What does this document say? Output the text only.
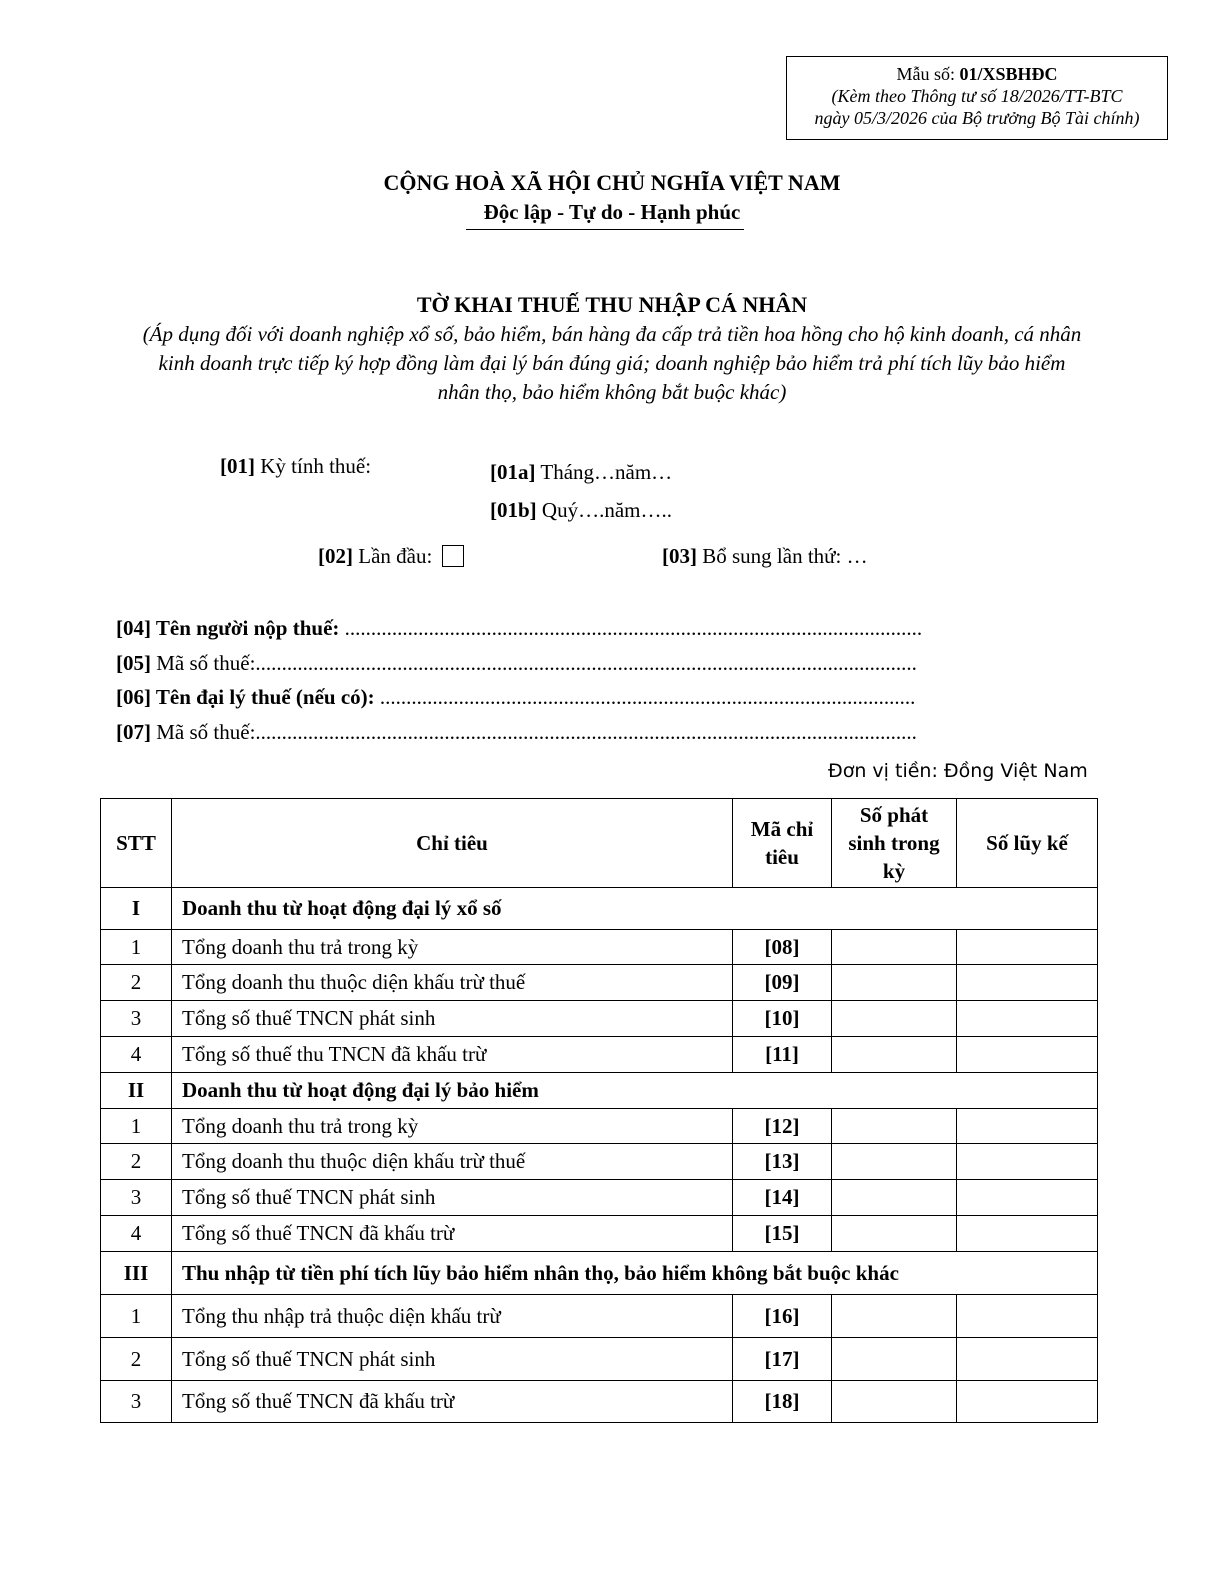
Mẫu số: 01/XSBHĐC
(Kèm theo Thông tư số 18/2026/TT-BTC
ngày 05/3/2026 của Bộ trưởng Bộ Tài chính)
CỘNG HOÀ XÃ HỘI CHỦ NGHĨA VIỆT NAM
Độc lập - Tự do - Hạnh phúc
TỜ KHAI THUẾ THU NHẬP CÁ NHÂN
(Áp dụng đối với doanh nghiệp xổ số, bảo hiểm, bán hàng đa cấp trả tiền hoa hồng cho hộ kinh doanh, cá nhân kinh doanh trực tiếp ký hợp đồng làm đại lý bán đúng giá; doanh nghiệp bảo hiểm trả phí tích lũy bảo hiểm nhân thọ, bảo hiểm không bắt buộc khác)
[01] Kỳ tính thuế:	[01a] Tháng…năm…
[01b] Quý….năm…..
[02] Lần đầu:	[03] Bổ sung lần thứ: …
[04] Tên người nộp thuế: ..............................................................................................................
[05] Mã số thuế:..............................................................................................................................
[06] Tên đại lý thuế (nếu có): ......................................................................................................
[07] Mã số thuế:..............................................................................................................................
Đơn vị tiền: Đồng Việt Nam
STT	Chỉ tiêu	Mã chỉ tiêu	Số phát sinh trong kỳ	Số lũy kế
I	Doanh thu từ hoạt động đại lý xổ số			
1	Tổng doanh thu trả trong kỳ	[08]		
2	Tổng doanh thu thuộc diện khấu trừ thuế	[09]		
3	Tổng số thuế TNCN phát sinh	[10]		
4	Tổng số thuế thu TNCN đã khấu trừ	[11]		
II	Doanh thu từ hoạt động đại lý bảo hiểm			
1	Tổng doanh thu trả trong kỳ	[12]		
2	Tổng doanh thu thuộc diện khấu trừ thuế	[13]		
3	Tổng số thuế TNCN phát sinh	[14]		
4	Tổng số thuế TNCN đã khấu trừ	[15]		
III	Thu nhập từ tiền phí tích lũy bảo hiểm nhân thọ, bảo hiểm không bắt buộc khác			
1	Tổng thu nhập trả thuộc diện khấu trừ	[16]		
2	Tổng số thuế TNCN phát sinh	[17]		
3	Tổng số thuế TNCN đã khấu trừ	[18]		
